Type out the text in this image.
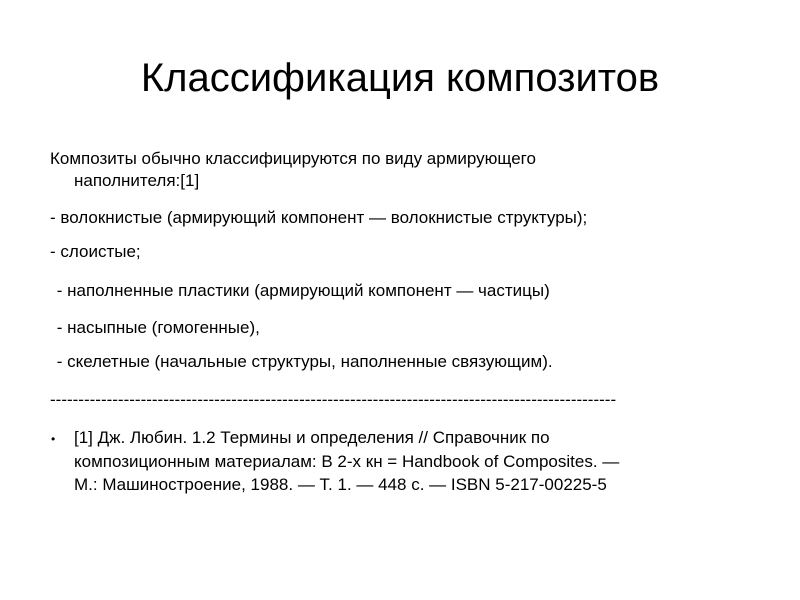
Классификация композитов

Композиты обычно классифицируются по виду армирующего

наполнителя:[1]

- волокнистые (армирующий компонент — волокнистые структуры);

- слоистые;

- наполненные пластики (армирующий компонент — частицы)

- насыпные (гомогенные),

- скелетные (начальные структуры, наполненные связующим).

----------------------------------------------------------------------------------------------------

• [1] Дж. Любин. 1.2 Термины и определения // Справочник по

композиционным материалам: В 2-х кн = Handbook of Composites. —

М.: Машиностроение, 1988. — Т. 1. — 448 с. — ISBN 5-217-00225-5
